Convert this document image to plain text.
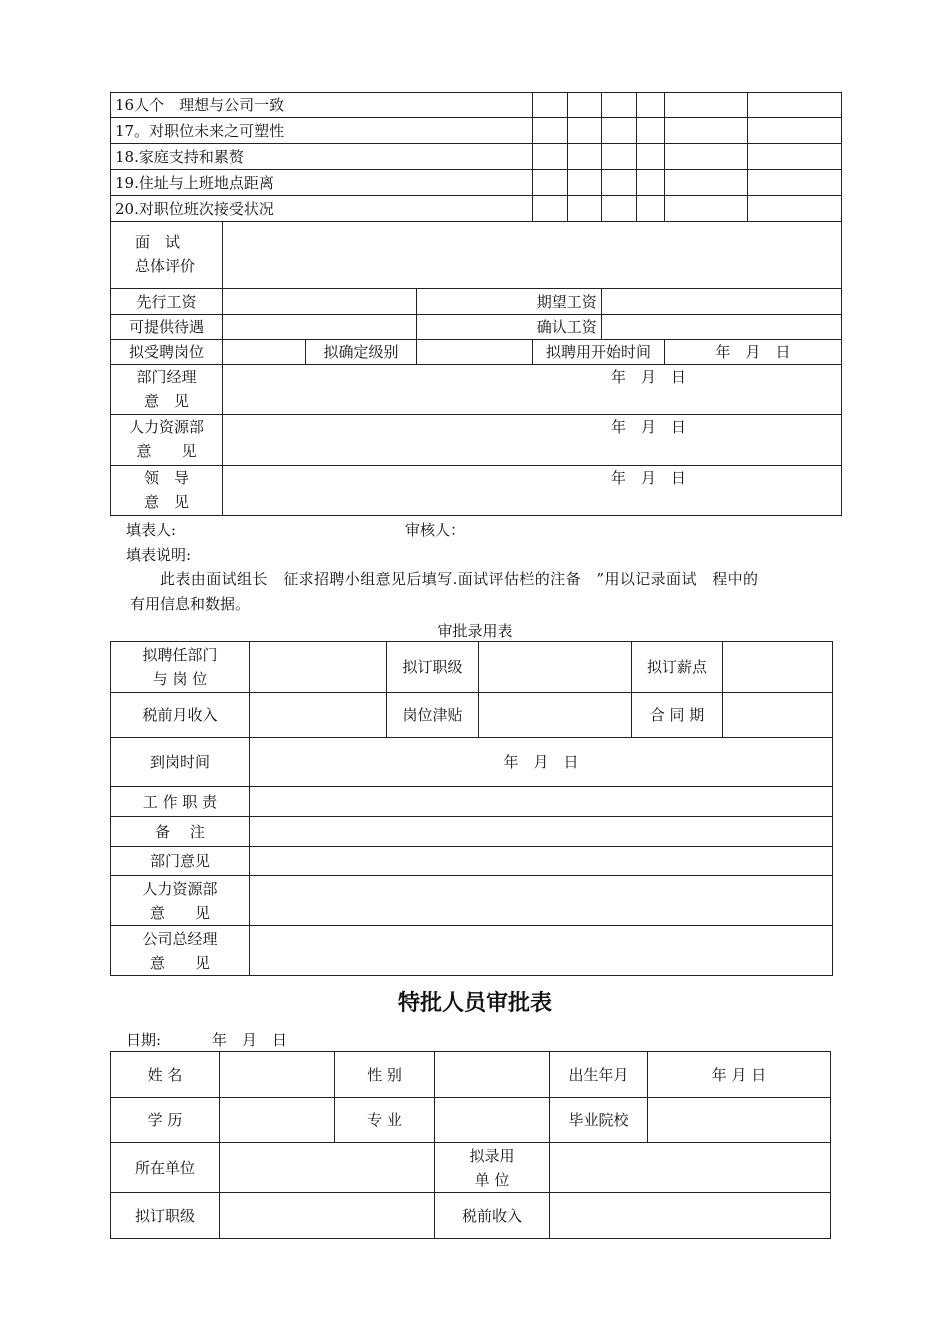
16人个　理想与公司一致									
17。对职位未来之可塑性									
18.家庭支持和累赘									
19.住址与上班地点距离									
20.对职位班次接受状况									

面　试
总体评价									

先行工资				期望工资					
可提供待遇				确认工资					
拟受聘岗位		拟确定级别		拟聘用开始时间				年　月　日	

部门经理
意　见	年　月　日								

人力资源部
意　　见	年　月　日								

领　导
意　见	年　月　日								
填表人:	审核人：
填表说明:
此表由面试组长　征求招聘小组意见后填写.面试评估栏的注备　”用以记录面试　程中的
有用信息和数据。
审批录用表
拟聘任部门
与 岗 位		拟订职级		拟订薪点	
税前月收入		岗位津贴		合 同 期	
到岗时间	年　月　日				
工 作 职 责					
备　 注					
部门意见					

人力资源部
意　　见					

公司总经理
意　　见					

特批人员审批表
日期:	年　月　日
姓 名		性 别		出生年月	年 月 日
学 历		专 业		毕业院校	
所在单位			拟录用
单 位		

拟订职级			税前收入		
